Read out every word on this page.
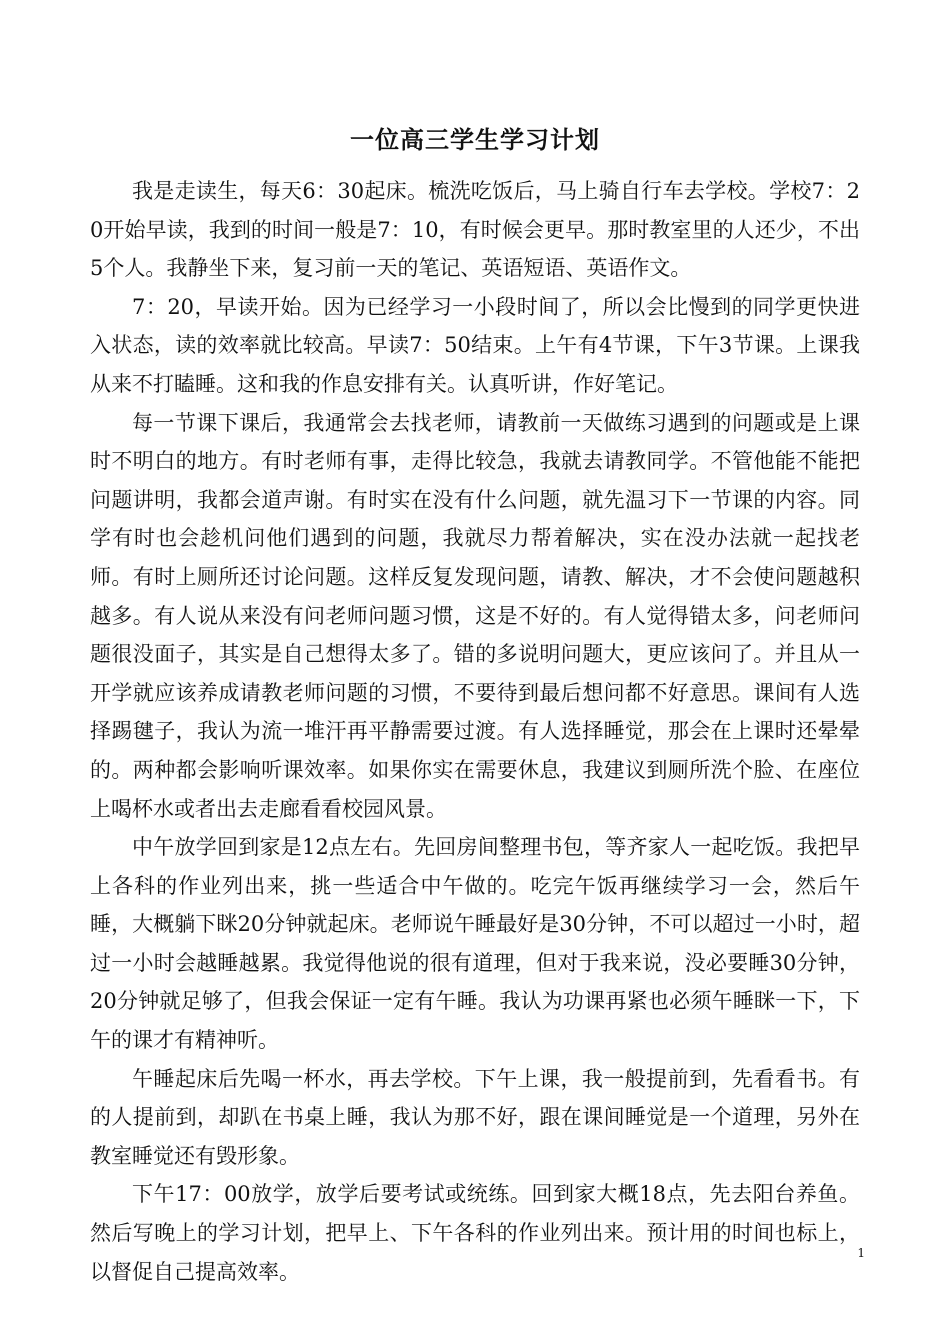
一位高三学生学习计划

我是走读生，每天6：30起床。梳洗吃饭后，马上骑自行车去学校。学校7：20开始早读，我到的时间一般是7：10，有时候会更早。那时教室里的人还少，不出5个人。我静坐下来，复习前一天的笔记、英语短语、英语作文。

7：20，早读开始。因为已经学习一小段时间了，所以会比慢到的同学更快进入状态，读的效率就比较高。早读7：50结束。上午有4节课，下午3节课。上课我从来不打瞌睡。这和我的作息安排有关。认真听讲，作好笔记。

每一节课下课后，我通常会去找老师，请教前一天做练习遇到的问题或是上课时不明白的地方。有时老师有事，走得比较急，我就去请教同学。不管他能不能把问题讲明，我都会道声谢。有时实在没有什么问题，就先温习下一节课的内容。同学有时也会趁机问他们遇到的问题，我就尽力帮着解决，实在没办法就一起找老师。有时上厕所还讨论问题。这样反复发现问题，请教、解决，才不会使问题越积越多。有人说从来没有问老师问题习惯，这是不好的。有人觉得错太多，问老师问题很没面子，其实是自己想得太多了。错的多说明问题大，更应该问了。并且从一开学就应该养成请教老师问题的习惯，不要待到最后想问都不好意思。课间有人选择踢毽子，我认为流一堆汗再平静需要过渡。有人选择睡觉，那会在上课时还晕晕的。两种都会影响听课效率。如果你实在需要休息，我建议到厕所洗个脸、在座位上喝杯水或者出去走廊看看校园风景。

中午放学回到家是12点左右。先回房间整理书包，等齐家人一起吃饭。我把早上各科的作业列出来，挑一些适合中午做的。吃完午饭再继续学习一会，然后午睡，大概躺下眯20分钟就起床。老师说午睡最好是30分钟，不可以超过一小时，超过一小时会越睡越累。我觉得他说的很有道理，但对于我来说，没必要睡30分钟，20分钟就足够了，但我会保证一定有午睡。我认为功课再紧也必须午睡眯一下，下午的课才有精神听。

午睡起床后先喝一杯水，再去学校。下午上课，我一般提前到，先看看书。有的人提前到，却趴在书桌上睡，我认为那不好，跟在课间睡觉是一个道理，另外在教室睡觉还有毁形象。

下午17：00放学，放学后要考试或统练。回到家大概18点，先去阳台养鱼。然后写晚上的学习计划，把早上、下午各科的作业列出来。预计用的时间也标上，以督促自己提高效率。

1
